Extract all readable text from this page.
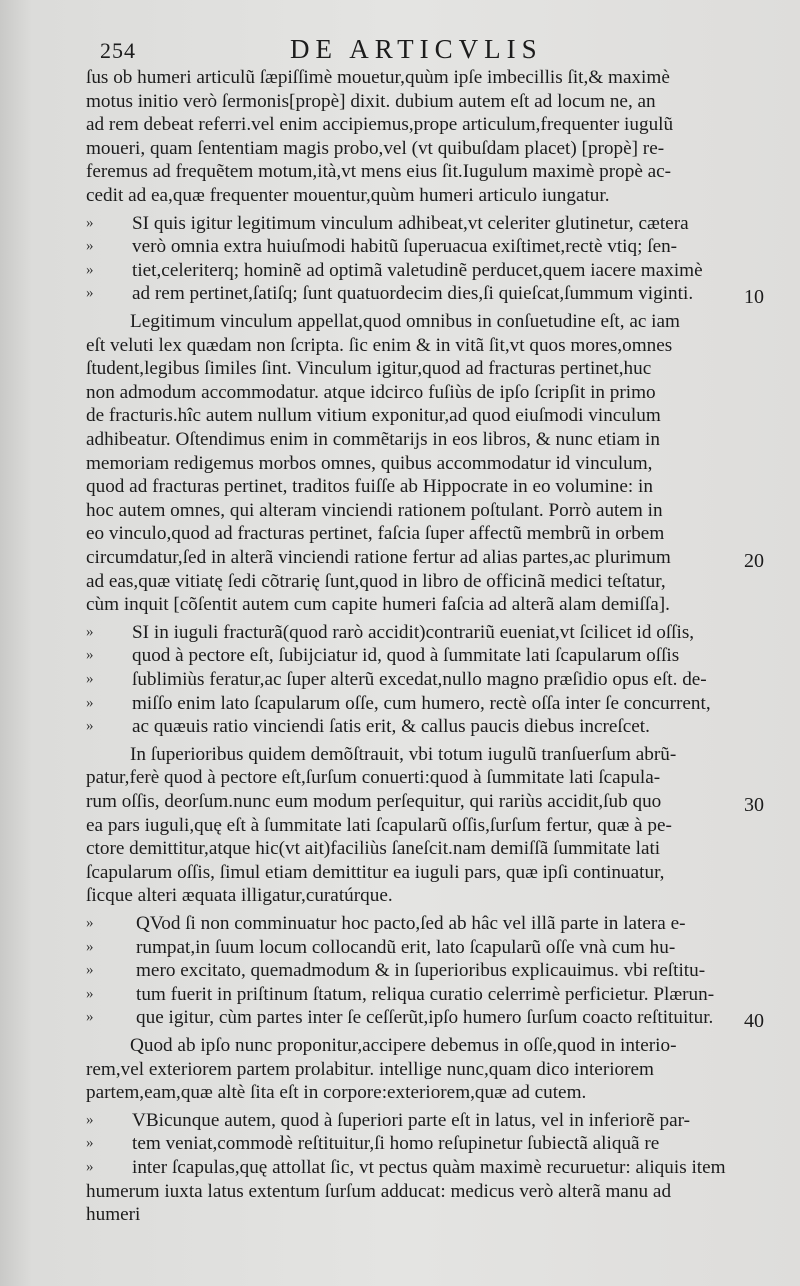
254	DE ARTICVLIS
ſus ob humeri articulũ ſæpiſſimè mouetur,quùm ipſe imbecillis ſit,& maximè
motus initio verò ſermonis[propè] dixit. dubium autem eſt ad locum ne, an
ad rem debeat referri.vel enim accipiemus,prope articulum,frequenter iugulũ
moueri, quam ſententiam magis probo,vel (vt quibuſdam placet) [propè] re-
feremus ad frequẽtem motum,ità,vt mens eius ſit.Iugulum maximè propè ac-
cedit ad ea,quæ frequenter mouentur,quùm humeri articulo iungatur.
SI quis igitur legitimum vinculum adhibeat,vt celeriter glutinetur, cætera
verò omnia extra huiuſmodi habitũ ſuperuacua exiſtimet,rectè vtiq; ſen-
tiet,celeriterq; hominẽ ad optimã valetudinẽ perducet,quem iacere maximè
ad rem pertinet,ſatiſq; ſunt quatuordecim dies,ſi quieſcat,ſummum viginti.
Legitimum vinculum appellat,quod omnibus in conſuetudine eſt, ac iam
eſt veluti lex quædam non ſcripta. ſic enim & in vitã ſit,vt quos mores,omnes
ſtudent,legibus ſimiles ſint. Vinculum igitur,quod ad fracturas pertinet,huc
non admodum accommodatur. atque idcirco fuſiùs de ipſo ſcripſit in primo
de fracturis.hîc autem nullum vitium exponitur,ad quod eiuſmodi vinculum
adhibeatur. Oſtendimus enim in commẽtarijs in eos libros, & nunc etiam in
memoriam redigemus morbos omnes, quibus accommodatur id vinculum,
quod ad fracturas pertinet, traditos fuiſſe ab Hippocrate in eo volumine: in
hoc autem omnes, qui alteram vinciendi rationem poſtulant. Porrò autem in
eo vinculo,quod ad fracturas pertinet, faſcia ſuper affectũ membrũ in orbem
circumdatur,ſed in alterã vinciendi ratione fertur ad alias partes,ac plurimum
ad eas,quæ vitiatę ſedi cõtrarię ſunt,quod in libro de officinã medici teſtatur,
cùm inquit [cõſentit autem cum capite humeri faſcia ad alterã alam demiſſa].
SI in iuguli fracturã(quod rarò accidit)contrariũ eueniat,vt ſcilicet id oſſis,
quod à pectore eſt, ſubijciatur id, quod à ſummitate lati ſcapularum oſſis
ſublimiùs feratur,ac ſuper alterũ excedat,nullo magno præſidio opus eſt. de-
miſſo enim lato ſcapularum oſſe, cum humero, rectè oſſa inter ſe concurrent,
ac quæuis ratio vinciendi ſatis erit, & callus paucis diebus increſcet.
In ſuperioribus quidem demõſtrauit, vbi totum iugulũ tranſuerſum abrũ-
patur,ferè quod à pectore eſt,ſurſum conuerti:quod à ſummitate lati ſcapula-
rum oſſis, deorſum.nunc eum modum perſequitur, qui rariùs accidit,ſub quo
ea pars iuguli,quę eſt à ſummitate lati ſcapularũ oſſis,ſurſum fertur, quæ à pe-
ctore demittitur,atque hic(vt ait)faciliùs ſaneſcit.nam demiſſã ſummitate lati
ſcapularum oſſis, ſimul etiam demittitur ea iuguli pars, quæ ipſi continuatur,
ſicque alteri æquata illigatur,curatúrque.
QVod ſi non comminuatur hoc pacto,ſed ab hâc vel illã parte in latera e-
rumpat,in ſuum locum collocandũ erit, lato ſcapularũ oſſe vnà cum hu-
mero excitato, quemadmodum & in ſuperioribus explicauimus. vbi reſtitu-
tum fuerit in priſtinum ſtatum, reliqua curatio celerrimè perficietur. Plærun-
que igitur, cùm partes inter ſe ceſſerũt,ipſo humero ſurſum coacto reſtituitur.
Quod ab ipſo nunc proponitur,accipere debemus in oſſe,quod in interio-
rem,vel exteriorem partem prolabitur. intellige nunc,quam dico interiorem
partem,eam,quæ altè ſita eſt in corpore:exteriorem,quæ ad cutem.
VBicunque autem, quod à ſuperiori parte eſt in latus, vel in inferiorẽ par-
tem veniat,commodè reſtituitur,ſi homo reſupinetur ſubiectã aliquã re
inter ſcapulas,quę attollat ſic, vt pectus quàm maximè recuruetur: aliquis item
humerum iuxta latus extentum ſurſum adducat: medicus verò alterã manu ad
humeri
»
»
»
»
»
»
»
»
»
»
»
»
»
»
»
»
»
10
20
30
40
